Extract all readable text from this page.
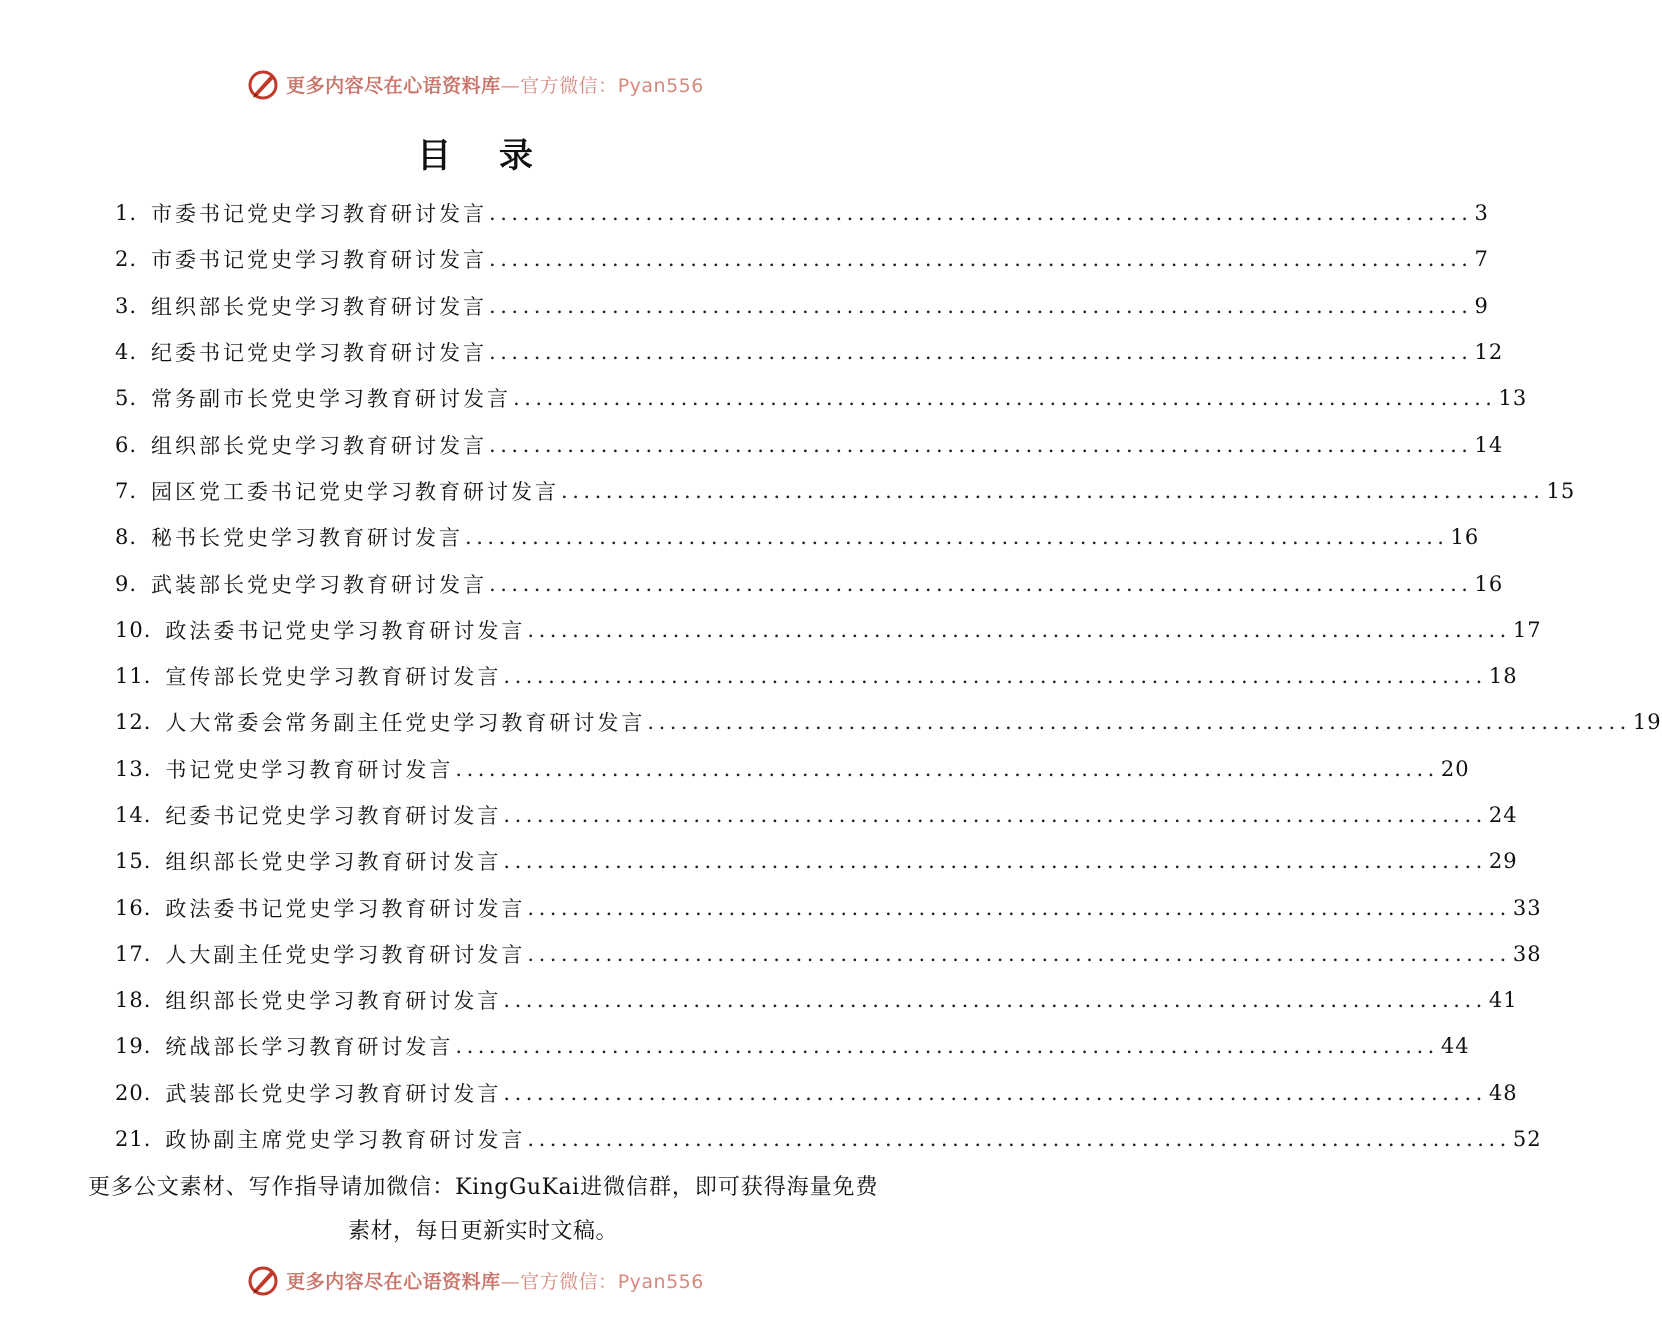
更多内容尽在心语资料库—官方微信：Pyan556
目 录
1. 市委书记党史学习教育研讨发言 ........................................................................................ 3
2. 市委书记党史学习教育研讨发言 ........................................................................................ 7
3. 组织部长党史学习教育研讨发言 ........................................................................................ 9
4. 纪委书记党史学习教育研讨发言 ........................................................................................ 12
5. 常务副市长党史学习教育研讨发言 ........................................................................................ 13
6. 组织部长党史学习教育研讨发言 ........................................................................................ 14
7. 园区党工委书记党史学习教育研讨发言 ........................................................................................ 15
8. 秘书长党史学习教育研讨发言 ........................................................................................ 16
9. 武装部长党史学习教育研讨发言 ........................................................................................ 16
10. 政法委书记党史学习教育研讨发言 ........................................................................................ 17
11. 宣传部长党史学习教育研讨发言 ........................................................................................ 18
12. 人大常委会常务副主任党史学习教育研讨发言 ........................................................................................ 19
13. 书记党史学习教育研讨发言 ........................................................................................ 20
14. 纪委书记党史学习教育研讨发言 ........................................................................................ 24
15. 组织部长党史学习教育研讨发言 ........................................................................................ 29
16. 政法委书记党史学习教育研讨发言 ........................................................................................ 33
17. 人大副主任党史学习教育研讨发言 ........................................................................................ 38
18. 组织部长党史学习教育研讨发言 ........................................................................................ 41
19. 统战部长学习教育研讨发言 ........................................................................................ 44
20. 武装部长党史学习教育研讨发言 ........................................................................................ 48
21. 政协副主席党史学习教育研讨发言 ........................................................................................ 52
更多公文素材、写作指导请加微信：KingGuKai进微信群，即可获得海量免费素材，每日更新实时文稿。
更多内容尽在心语资料库—官方微信：Pyan556
